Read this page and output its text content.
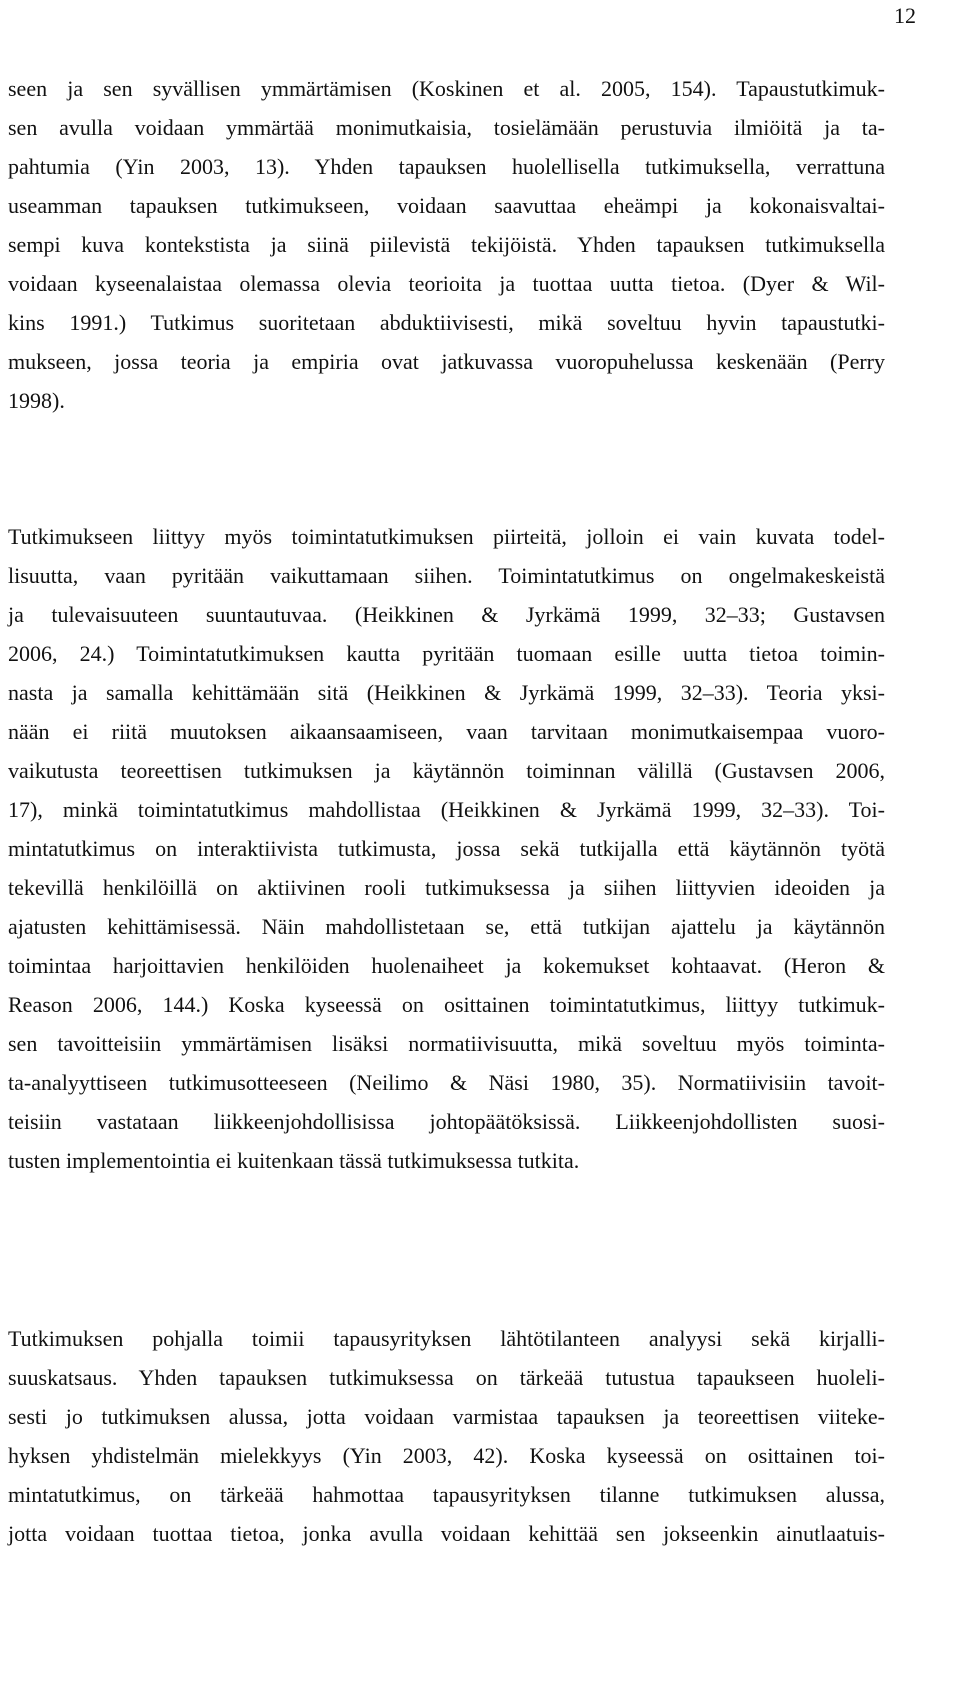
12
seen ja sen syvällisen ymmärtämisen (Koskinen et al. 2005, 154). Tapaustutkimuk-
sen avulla voidaan ymmärtää monimutkaisia, tosielämään perustuvia ilmiöitä ja ta-
pahtumia (Yin 2003, 13). Yhden tapauksen huolellisella tutkimuksella, verrattuna
useamman tapauksen tutkimukseen, voidaan saavuttaa eheämpi ja kokonaisvaltai-
sempi kuva kontekstista ja siinä piilevistä tekijöistä. Yhden tapauksen tutkimuksella
voidaan kyseenalaistaa olemassa olevia teorioita ja tuottaa uutta tietoa. (Dyer & Wil-
kins 1991.) Tutkimus suoritetaan abduktiivisesti, mikä soveltuu hyvin tapaustutki-
mukseen, jossa teoria ja empiria ovat jatkuvassa vuoropuhelussa keskenään (Perry
1998).
Tutkimukseen liittyy myös toimintatutkimuksen piirteitä, jolloin ei vain kuvata todel-
lisuutta, vaan pyritään vaikuttamaan siihen. Toimintatutkimus on ongelmakeskeistä
ja tulevaisuuteen suuntautuvaa. (Heikkinen & Jyrkämä 1999, 32–33; Gustavsen
2006, 24.) Toimintatutkimuksen kautta pyritään tuomaan esille uutta tietoa toimin-
nasta ja samalla kehittämään sitä (Heikkinen & Jyrkämä 1999, 32–33). Teoria yksi-
nään ei riitä muutoksen aikaansaamiseen, vaan tarvitaan monimutkaisempaa vuoro-
vaikutusta teoreettisen tutkimuksen ja käytännön toiminnan välillä (Gustavsen 2006,
17), minkä toimintatutkimus mahdollistaa (Heikkinen & Jyrkämä 1999, 32–33). Toi-
mintatutkimus on interaktiivista tutkimusta, jossa sekä tutkijalla että käytännön työtä
tekevillä henkilöillä on aktiivinen rooli tutkimuksessa ja siihen liittyvien ideoiden ja
ajatusten kehittämisessä. Näin mahdollistetaan se, että tutkijan ajattelu ja käytännön
toimintaa harjoittavien henkilöiden huolenaiheet ja kokemukset kohtaavat. (Heron &
Reason 2006, 144.) Koska kyseessä on osittainen toimintatutkimus, liittyy tutkimuk-
sen tavoitteisiin ymmärtämisen lisäksi normatiivisuutta, mikä soveltuu myös toiminta-
ta-analyyttiseen tutkimusotteeseen (Neilimo & Näsi 1980, 35). Normatiivisiin tavoit-
teisiin vastataan liikkeenjohdollisissa johtopäätöksissä. Liikkeenjohdollisten suosi-
tusten implementointia ei kuitenkaan tässä tutkimuksessa tutkita.
Tutkimuksen pohjalla toimii tapausyrityksen lähtötilanteen analyysi sekä kirjalli-
suuskatsaus. Yhden tapauksen tutkimuksessa on tärkeää tutustua tapaukseen huoleli-
sesti jo tutkimuksen alussa, jotta voidaan varmistaa tapauksen ja teoreettisen viiteke-
hyksen yhdistelmän mielekkyys (Yin 2003, 42). Koska kyseessä on osittainen toi-
mintatutkimus, on tärkeää hahmottaa tapausyrityksen tilanne tutkimuksen alussa,
jotta voidaan tuottaa tietoa, jonka avulla voidaan kehittää sen jokseenkin ainutlaatuis-
